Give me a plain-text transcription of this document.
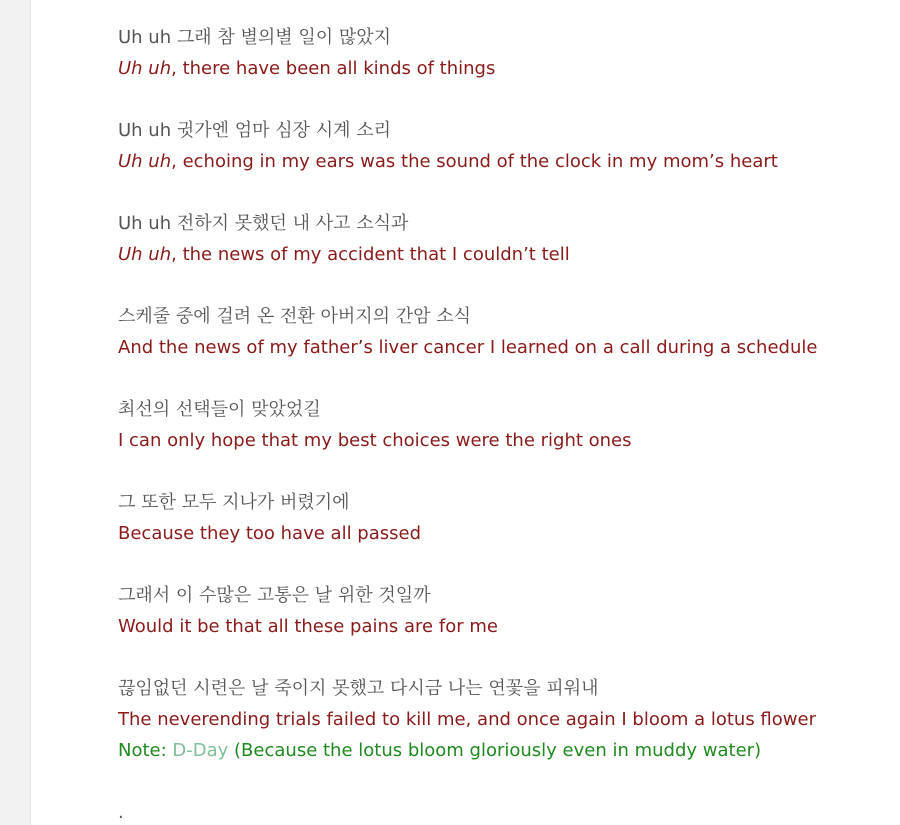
Uh uh 그래 참 별의별 일이 많았지
Uh uh, there have been all kinds of things
Uh uh 귓가엔 엄마 심장 시계 소리
Uh uh, echoing in my ears was the sound of the clock in my mom’s heart
Uh uh 전하지 못했던 내 사고 소식과
Uh uh, the news of my accident that I couldn’t tell
스케줄 중에 걸려 온 전환 아버지의 간암 소식
And the news of my father’s liver cancer I learned on a call during a schedule
최선의 선택들이 맞았었길
I can only hope that my best choices were the right ones
그 또한 모두 지나가 버렸기에
Because they too have all passed
그래서 이 수많은 고통은 날 위한 것일까
Would it be that all these pains are for me
끊임없던 시련은 날 죽이지 못했고 다시금 나는 연꽃을 피워내
The neverending trials failed to kill me, and once again I bloom a lotus flower
Note: D-Day (Because the lotus bloom gloriously even in muddy water)
.
